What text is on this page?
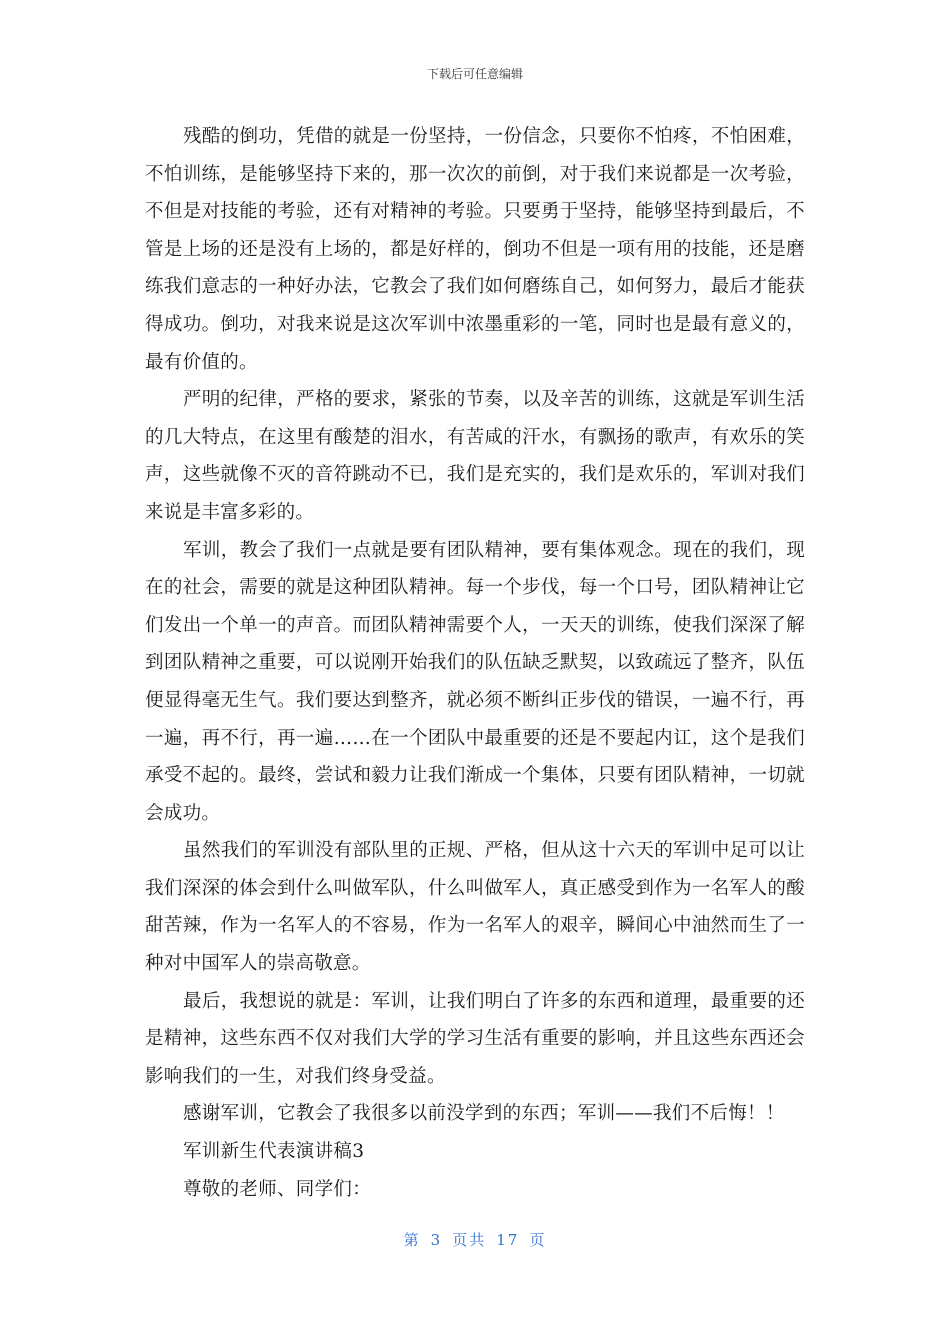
下载后可任意编辑

残酷的倒功，凭借的就是一份坚持，一份信念，只要你不怕疼，不怕困难，不怕训练，是能够坚持下来的，那一次次的前倒，对于我们来说都是一次考验，不但是对技能的考验，还有对精神的考验。只要勇于坚持，能够坚持到最后，不管是上场的还是没有上场的，都是好样的，倒功不但是一项有用的技能，还是磨练我们意志的一种好办法，它教会了我们如何磨练自己，如何努力，最后才能获得成功。倒功，对我来说是这次军训中浓墨重彩的一笔，同时也是最有意义的，最有价值的。

严明的纪律，严格的要求，紧张的节奏，以及辛苦的训练，这就是军训生活的几大特点，在这里有酸楚的泪水，有苦咸的汗水，有飘扬的歌声，有欢乐的笑声，这些就像不灭的音符跳动不已，我们是充实的，我们是欢乐的，军训对我们来说是丰富多彩的。

军训，教会了我们一点就是要有团队精神，要有集体观念。现在的我们，现在的社会，需要的就是这种团队精神。每一个步伐，每一个口号，团队精神让它们发出一个单一的声音。而团队精神需要个人，一天天的训练，使我们深深了解到团队精神之重要，可以说刚开始我们的队伍缺乏默契，以致疏远了整齐，队伍便显得毫无生气。我们要达到整齐，就必须不断纠正步伐的错误，一遍不行，再一遍，再不行，再一遍……在一个团队中最重要的还是不要起内讧，这个是我们承受不起的。最终，尝试和毅力让我们渐成一个集体，只要有团队精神，一切就会成功。

虽然我们的军训没有部队里的正规、严格，但从这十六天的军训中足可以让我们深深的体会到什么叫做军队，什么叫做军人，真正感受到作为一名军人的酸甜苦辣，作为一名军人的不容易，作为一名军人的艰辛，瞬间心中油然而生了一种对中国军人的崇高敬意。

最后，我想说的就是：军训，让我们明白了许多的东西和道理，最重要的还是精神，这些东西不仅对我们大学的学习生活有重要的影响，并且这些东西还会影响我们的一生，对我们终身受益。

感谢军训，它教会了我很多以前没学到的东西；军训——我们不后悔！！

军训新生代表演讲稿3

尊敬的老师、同学们：

第 3 页共 17 页
